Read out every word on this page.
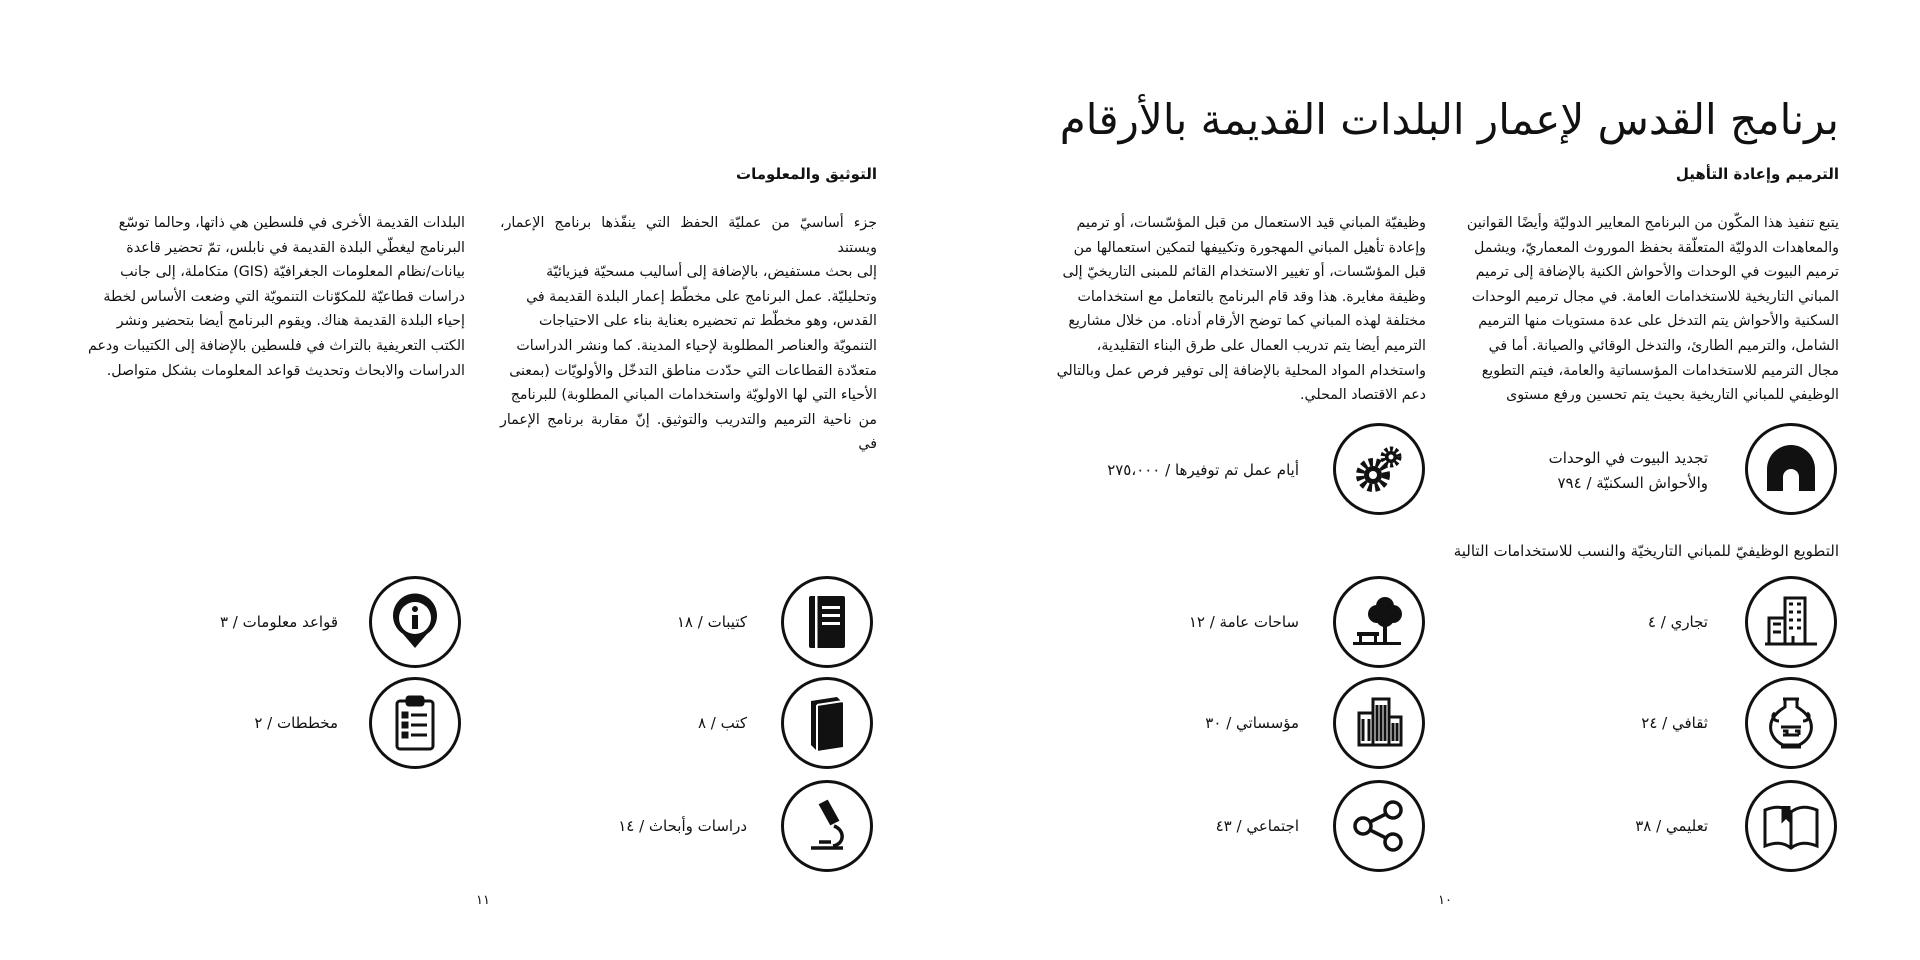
برنامج القدس لإعمار البلدات القديمة بالأرقام
الترميم وإعادة التأهيل
التوثيق والمعلومات
يتبع تنفيذ هذا المكّون من البرنامج المعايير الدوليّة وأيضًا القوانين
والمعاهدات الدوليّة المتعلّقة بحفظ الموروث المعماريّ، ويشمل
ترميم البيوت في الوحدات والأحواش الكنية بالإضافة إلى ترميم
المباني التاريخية للاستخدامات العامة. في مجال ترميم الوحدات
السكنية والأحواش يتم التدخل على عدة مستويات منها الترميم
الشامل، والترميم الطارئ، والتدخل الوقائي والصيانة. أما في
مجال الترميم للاستخدامات المؤسساتية والعامة، فيتم التطويع
الوظيفي للمباني التاريخية بحيث يتم تحسين ورفع مستوى
وظيفيّة المباني قيد الاستعمال من قبل المؤسّسات، أو ترميم
وإعادة تأهيل المباني المهجورة وتكييفها لتمكين استعمالها من
قبل المؤسّسات، أو تغيير الاستخدام القائم للمبنى التاريخيّ إلى
وظيفة مغايرة. هذا وقد قام البرنامج بالتعامل مع استخدامات
مختلفة لهذه المباني كما توضح الأرقام أدناه. من خلال مشاريع
الترميم أيضا يتم تدريب العمال على طرق البناء التقليدية،
واستخدام المواد المحلية بالإضافة إلى توفير فرص عمل وبالتالي
دعم الاقتصاد المحلي.
جزء أساسيّ من عمليّة الحفظ التي ينفّذها برنامج الإعمار، ويستند
إلى بحث مستفيض، بالإضافة إلى أساليب مسحيّة فيزيائيّة
وتحليليّة. عمل البرنامج على مخطّط إعمار البلدة القديمة في
القدس، وهو مخطّط تم تحضيره بعناية بناء على الاحتياجات
التنمويّة والعناصر المطلوبة لإحياء المدينة. كما ونشر الدراسات
متعدّدة القطاعات التي حدّدت مناطق التدخّل والأولويّات (بمعنى
الأحياء التي لها الاولويّة واستخدامات المباني المطلوبة) للبرنامج
من ناحية الترميم والتدريب والتوثيق. إنّ مقاربة برنامج الإعمار في
البلدات القديمة الأخرى في فلسطين هي ذاتها، وحالما توسّع
البرنامج ليغطّي البلدة القديمة في نابلس، تمّ تحضير قاعدة
بيانات/نظام المعلومات الجغرافيّة (GIS) متكاملة، إلى جانب
دراسات قطاعيّة للمكوّنات التنمويّة التي وضعت الأساس لخطة
إحياء البلدة القديمة هناك. ويقوم البرنامج أيضا بتحضير ونشر
الكتب التعريفية بالتراث في فلسطين بالإضافة إلى الكتيبات ودعم
الدراسات والابحاث وتحديث قواعد المعلومات بشكل متواصل.
تجديد البيوت في الوحدات
والأحواش السكنيّة / ٧٩٤
أيام عمل تم توفيرها / ٢٧٥،٠٠٠
التطويع الوظيفيّ للمباني التاريخيّة والنسب للاستخدامات التالية
تجاري / ٤
ساحات عامة / ١٢
ثقافي / ٢٤
مؤسساتي / ٣٠
تعليمي / ٣٨
اجتماعي / ٤٣
كتيبات / ١٨
قواعد معلومات / ٣
كتب / ٨
مخططات / ٢
دراسات وأبحاث / ١٤
١٠
١١
